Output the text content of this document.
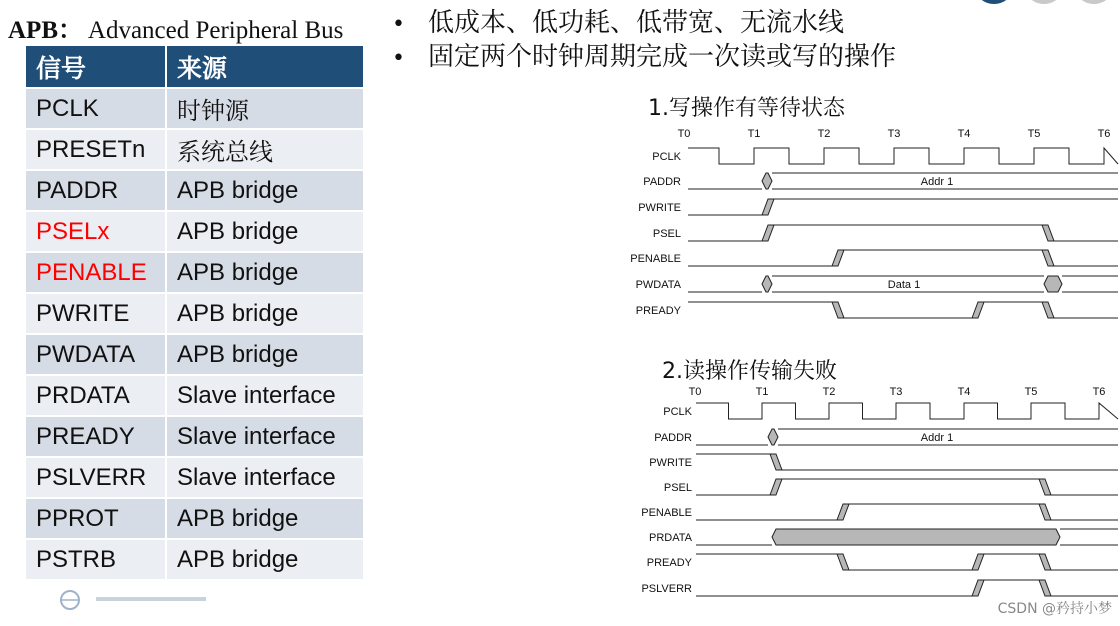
APB： Advanced Peripheral Bus
信号	来源
PCLK	时钟源
PRESETn	系统总线
PADDR	APB bridge
PSELx	APB bridge
PENABLE	APB bridge
PWRITE	APB bridge
PWDATA	APB bridge
PRDATA	Slave interface
PREADY	Slave interface
PSLVERR	Slave interface
PPROT	APB bridge
PSTRB	APB bridge
• 低成本、低功耗、低带宽、无流水线
• 固定两个时钟周期完成一次读或写的操作
1.写操作有等待状态
T0	T1	T2	T3	T4	T5	T6
PCLK
PADDR
PWRITE
PSEL
PENABLE
PWDATA
PREADY
Addr 1
Data 1
2.读操作传输失败
T0	T1	T2	T3	T4	T5	T6
PCLK
PADDR
PWRITE
PSEL
PENABLE
PRDATA
PREADY
PSLVERR
Addr 1
CSDN @矜持小梦
